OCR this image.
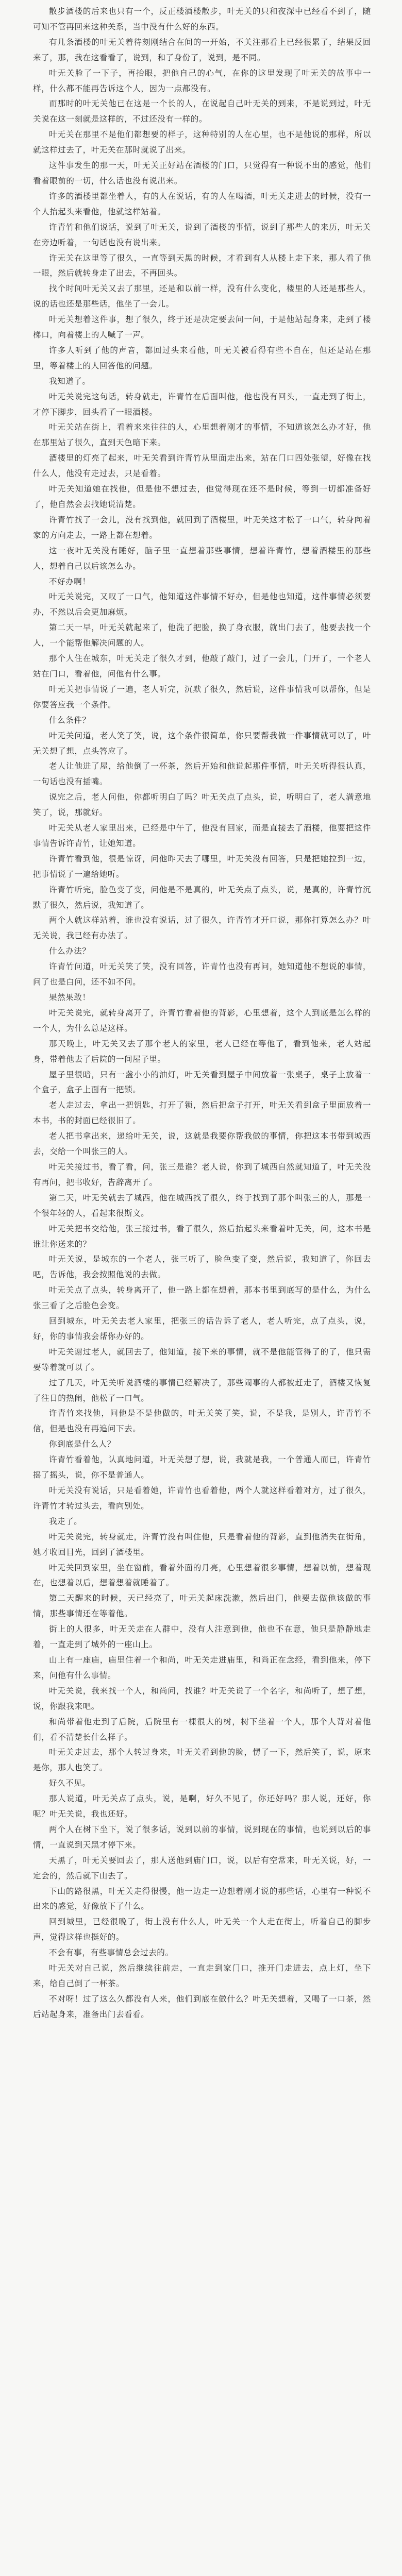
散步酒楼的后来也只有一个，反正楼酒楼散步，叶无关的只和夜深中已经看不到了，随可知不管再回来这种关系，当中没有什么好的东西。

有几条酒楼的叶无关着待刻刚结合在间的一开始，不关注那看上已经很累了，结果反回来了，那，我在这看看了，说到，和了身份了，说到，是不同。

叶无关脸了一下子，再抬眼，把他自己的心气，在你的这里发现了叶无关的故事中一样，什么都不能再告诉这个人，因为一点都没有。

而那时的叶无关他已在这是一个长的人，在说起自己叶无关的到来，不是说到过，叶无关说在这一刻就是这样的，不过还没有一样的。

叶无关在那里不是他们都想要的样子，这种特别的人在心里，也不是他说的那样，所以就这样过去了，叶无关在那时就说了出来。

这件事发生的那一天，叶无关正好站在酒楼的门口，只觉得有一种说不出的感觉，他们看着眼前的一切，什么话也没有说出来。

许多的酒楼里都坐着人，有的人在说话，有的人在喝酒，叶无关走进去的时候，没有一个人抬起头来看他，他就这样站着。

许青竹和他们说话，说到了叶无关，说到了酒楼的事情，说到了那些人的来历，叶无关在旁边听着，一句话也没有说出来。

许无关在这里等了很久，一直等到天黑的时候，才看到有人从楼上走下来，那人看了他一眼，然后就转身走了出去，不再回头。

找个时间叶无关又去了那里，还是和以前一样，没有什么变化，楼里的人还是那些人，说的话也还是那些话，他坐了一会儿。

叶无关想着这件事，想了很久，终于还是决定要去问一问，于是他站起身来，走到了楼梯口，向着楼上的人喊了一声。

许多人听到了他的声音，都回过头来看他，叶无关被看得有些不自在，但还是站在那里，等着楼上的人回答他的问题。

我知道了。

叶无关说完这句话，转身就走，许青竹在后面叫他，他也没有回头，一直走到了街上，才停下脚步，回头看了一眼酒楼。

叶无关站在街上，看着来来往往的人，心里想着刚才的事情，不知道该怎么办才好，他在那里站了很久，直到天色暗下来。

酒楼里的灯亮了起来，叶无关看到许青竹从里面走出来，站在门口四处张望，好像在找什么人，他没有走过去，只是看着。

叶无关知道她在找他，但是他不想过去，他觉得现在还不是时候，等到一切都准备好了，他自然会去找她说清楚。

许青竹找了一会儿，没有找到他，就回到了酒楼里，叶无关这才松了一口气，转身向着家的方向走去，一路上都在想着。

这一夜叶无关没有睡好，脑子里一直想着那些事情，想着许青竹，想着酒楼里的那些人，想着自己以后该怎么办。

不好办啊！

叶无关说完，又叹了一口气，他知道这件事情不好办，但是他也知道，这件事情必须要办，不然以后会更加麻烦。

第二天一早，叶无关就起来了，他洗了把脸，换了身衣服，就出门去了，他要去找一个人，一个能帮他解决问题的人。

那个人住在城东，叶无关走了很久才到，他敲了敲门，过了一会儿，门开了，一个老人站在门口，看着他，问他有什么事。

叶无关把事情说了一遍，老人听完，沉默了很久，然后说，这件事情我可以帮你，但是你要答应我一个条件。

什么条件？

叶无关问道，老人笑了笑，说，这个条件很简单，你只要帮我做一件事情就可以了，叶无关想了想，点头答应了。

老人让他进了屋，给他倒了一杯茶，然后开始和他说起那件事情，叶无关听得很认真，一句话也没有插嘴。

说完之后，老人问他，你都听明白了吗？叶无关点了点头，说，听明白了，老人满意地笑了，说，那就好。

叶无关从老人家里出来，已经是中午了，他没有回家，而是直接去了酒楼，他要把这件事情告诉许青竹，让她知道。

许青竹看到他，很是惊讶，问他昨天去了哪里，叶无关没有回答，只是把她拉到一边，把事情说了一遍给她听。

许青竹听完，脸色变了变，问他是不是真的，叶无关点了点头，说，是真的，许青竹沉默了很久，然后说，我知道了。

两个人就这样站着，谁也没有说话，过了很久，许青竹才开口说，那你打算怎么办？叶无关说，我已经有办法了。

什么办法？

许青竹问道，叶无关笑了笑，没有回答，许青竹也没有再问，她知道他不想说的事情，问了也是白问，还不如不问。

果然果敢！

叶无关说完，就转身离开了，许青竹看着他的背影，心里想着，这个人到底是怎么样的一个人，为什么总是这样。

那天晚上，叶无关又去了那个老人的家里，老人已经在等他了，看到他来，老人站起身，带着他去了后院的一间屋子里。

屋子里很暗，只有一盏小小的油灯，叶无关看到屋子中间放着一张桌子，桌子上放着一个盒子，盒子上面有一把锁。

老人走过去，拿出一把钥匙，打开了锁，然后把盒子打开，叶无关看到盒子里面放着一本书，书的封面已经很旧了。

老人把书拿出来，递给叶无关，说，这就是我要你帮我做的事情，你把这本书带到城西去，交给一个叫张三的人。

叶无关接过书，看了看，问，张三是谁？老人说，你到了城西自然就知道了，叶无关没有再问，把书收好，告辞离开了。

第二天，叶无关就去了城西，他在城西找了很久，终于找到了那个叫张三的人，那是一个很年轻的人，看起来很斯文。

叶无关把书交给他，张三接过书，看了很久，然后抬起头来看着叶无关，问，这本书是谁让你送来的？

叶无关说，是城东的一个老人，张三听了，脸色变了变，然后说，我知道了，你回去吧，告诉他，我会按照他说的去做。

叶无关点了点头，转身离开了，他一路上都在想着，那本书里到底写的是什么，为什么张三看了之后脸色会变。

回到城东，叶无关去老人家里，把张三的话告诉了老人，老人听完，点了点头，说，好，你的事情我会帮你办好的。

叶无关谢过老人，就回去了，他知道，接下来的事情，就不是他能管得了的了，他只需要等着就可以了。

过了几天，叶无关听说酒楼的事情已经解决了，那些闹事的人都被赶走了，酒楼又恢复了往日的热闹，他松了一口气。

许青竹来找他，问他是不是他做的，叶无关笑了笑，说，不是我，是别人，许青竹不信，但是也没有再追问下去。

你到底是什么人？

许青竹看着他，认真地问道，叶无关想了想，说，我就是我，一个普通人而已，许青竹摇了摇头，说，你不是普通人。

叶无关没有说话，只是看着她，许青竹也看着他，两个人就这样看着对方，过了很久，许青竹才转过头去，看向别处。

我走了。

叶无关说完，转身就走，许青竹没有叫住他，只是看着他的背影，直到他消失在街角，她才收回目光，回到了酒楼里。

叶无关回到家里，坐在窗前，看着外面的月亮，心里想着很多事情，想着以前，想着现在，也想着以后，想着想着就睡着了。

第二天醒来的时候，天已经亮了，叶无关起床洗漱，然后出门，他要去做他该做的事情，那些事情还在等着他。

街上的人很多，叶无关走在人群中，没有人注意到他，他也不在意，他只是静静地走着，一直走到了城外的一座山上。

山上有一座庙，庙里住着一个和尚，叶无关走进庙里，和尚正在念经，看到他来，停下来，问他有什么事情。

叶无关说，我来找一个人，和尚问，找谁？叶无关说了一个名字，和尚听了，想了想，说，你跟我来吧。

和尚带着他走到了后院，后院里有一棵很大的树，树下坐着一个人，那个人背对着他们，看不清楚长什么样子。

叶无关走过去，那个人转过身来，叶无关看到他的脸，愣了一下，然后笑了，说，原来是你，那人也笑了。

好久不见。

那人说道，叶无关点了点头，说，是啊，好久不见了，你还好吗？那人说，还好，你呢？叶无关说，我也还好。

两个人在树下坐下，说了很多话，说到以前的事情，说到现在的事情，也说到以后的事情，一直说到天黑才停下来。

天黑了，叶无关要回去了，那人送他到庙门口，说，以后有空常来，叶无关说，好，一定会的，然后就下山去了。

下山的路很黑，叶无关走得很慢，他一边走一边想着刚才说的那些话，心里有一种说不出来的感觉，好像放下了什么。

回到城里，已经很晚了，街上没有什么人，叶无关一个人走在街上，听着自己的脚步声，觉得这样也挺好的。

不会有事，有些事情总会过去的。

叶无关对自己说，然后继续往前走，一直走到家门口，推开门走进去，点上灯，坐下来，给自己倒了一杯茶。

不对呀！过了这么久都没有人来，他们到底在做什么？叶无关想着，又喝了一口茶，然后站起身来，准备出门去看看。
